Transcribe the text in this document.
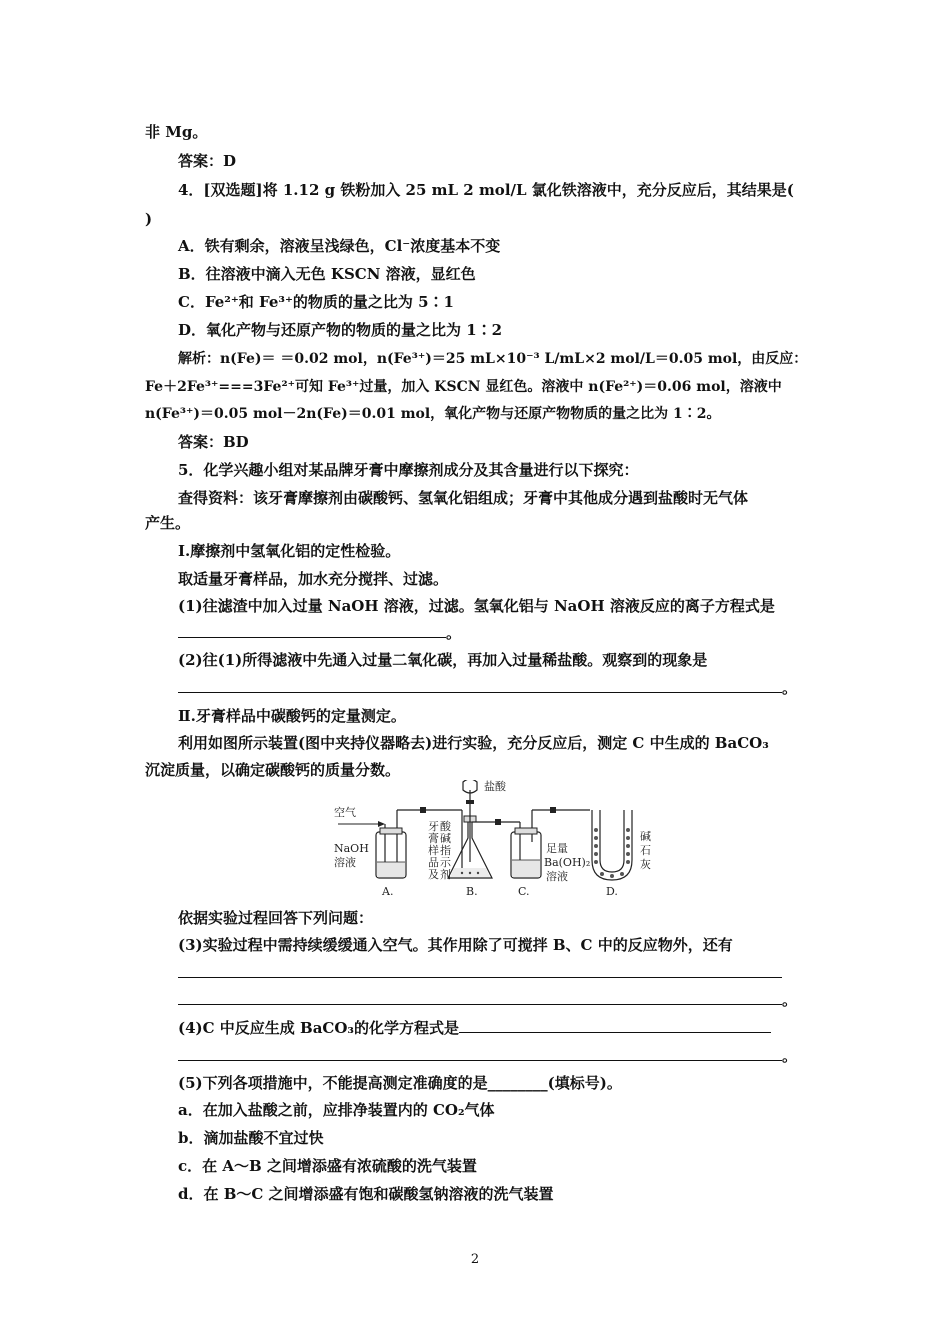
非 Mg。
答案：D
4．[双选题]将 1.12 g 铁粉加入 25 mL 2 mol/L 氯化铁溶液中，充分反应后，其结果是(
)
A．铁有剩余，溶液呈浅绿色，Cl⁻浓度基本不变
B．往溶液中滴入无色 KSCN 溶液，显红色
C．Fe²⁺和 Fe³⁺的物质的量之比为 5∶1
D．氧化产物与还原产物的物质的量之比为 1∶2
解析：n(Fe)＝ ＝0.02 mol，n(Fe³⁺)＝25 mL×10⁻³ L/mL×2 mol/L＝0.05 mol，由反应：
Fe＋2Fe³⁺===3Fe²⁺可知 Fe³⁺过量，加入 KSCN 显红色。溶液中 n(Fe²⁺)＝0.06 mol，溶液中
n(Fe³⁺)＝0.05 mol－2n(Fe)＝0.01 mol，氧化产物与还原产物物质的量之比为 1∶2。
答案：BD
5．化学兴趣小组对某品牌牙膏中摩擦剂成分及其含量进行以下探究：
查得资料：该牙膏摩擦剂由碳酸钙、氢氧化铝组成；牙膏中其他成分遇到盐酸时无气体
产生。
Ⅰ.摩擦剂中氢氧化铝的定性检验。
取适量牙膏样品，加水充分搅拌、过滤。
(1)往滤渣中加入过量 NaOH 溶液，过滤。氢氧化铝与 NaOH 溶液反应的离子方程式是
。
(2)往(1)所得滤液中先通入过量二氧化碳，再加入过量稀盐酸。观察到的现象是
。
Ⅱ.牙膏样品中碳酸钙的定量测定。
利用如图所示装置(图中夹持仪器略去)进行实验，充分反应后，测定 C 中生成的 BaCO₃
沉淀质量，以确定碳酸钙的质量分数。
空气
NaOH
溶液
A.
盐酸
牙
膏
样
品
及
酸
碱
指
示
剂
B.
足量
Ba(OH)₂
溶液
C.
碱
石
灰
D.
依据实验过程回答下列问题：
(3)实验过程中需持续缓缓通入空气。其作用除了可搅拌 B、C 中的反应物外，还有
。
(4)C 中反应生成 BaCO₃的化学方程式是
。
(5)下列各项措施中，不能提高测定准确度的是________(填标号)。
a．在加入盐酸之前，应排净装置内的 CO₂气体
b．滴加盐酸不宜过快
c．在 A～B 之间增添盛有浓硫酸的洗气装置
d．在 B～C 之间增添盛有饱和碳酸氢钠溶液的洗气装置
2
